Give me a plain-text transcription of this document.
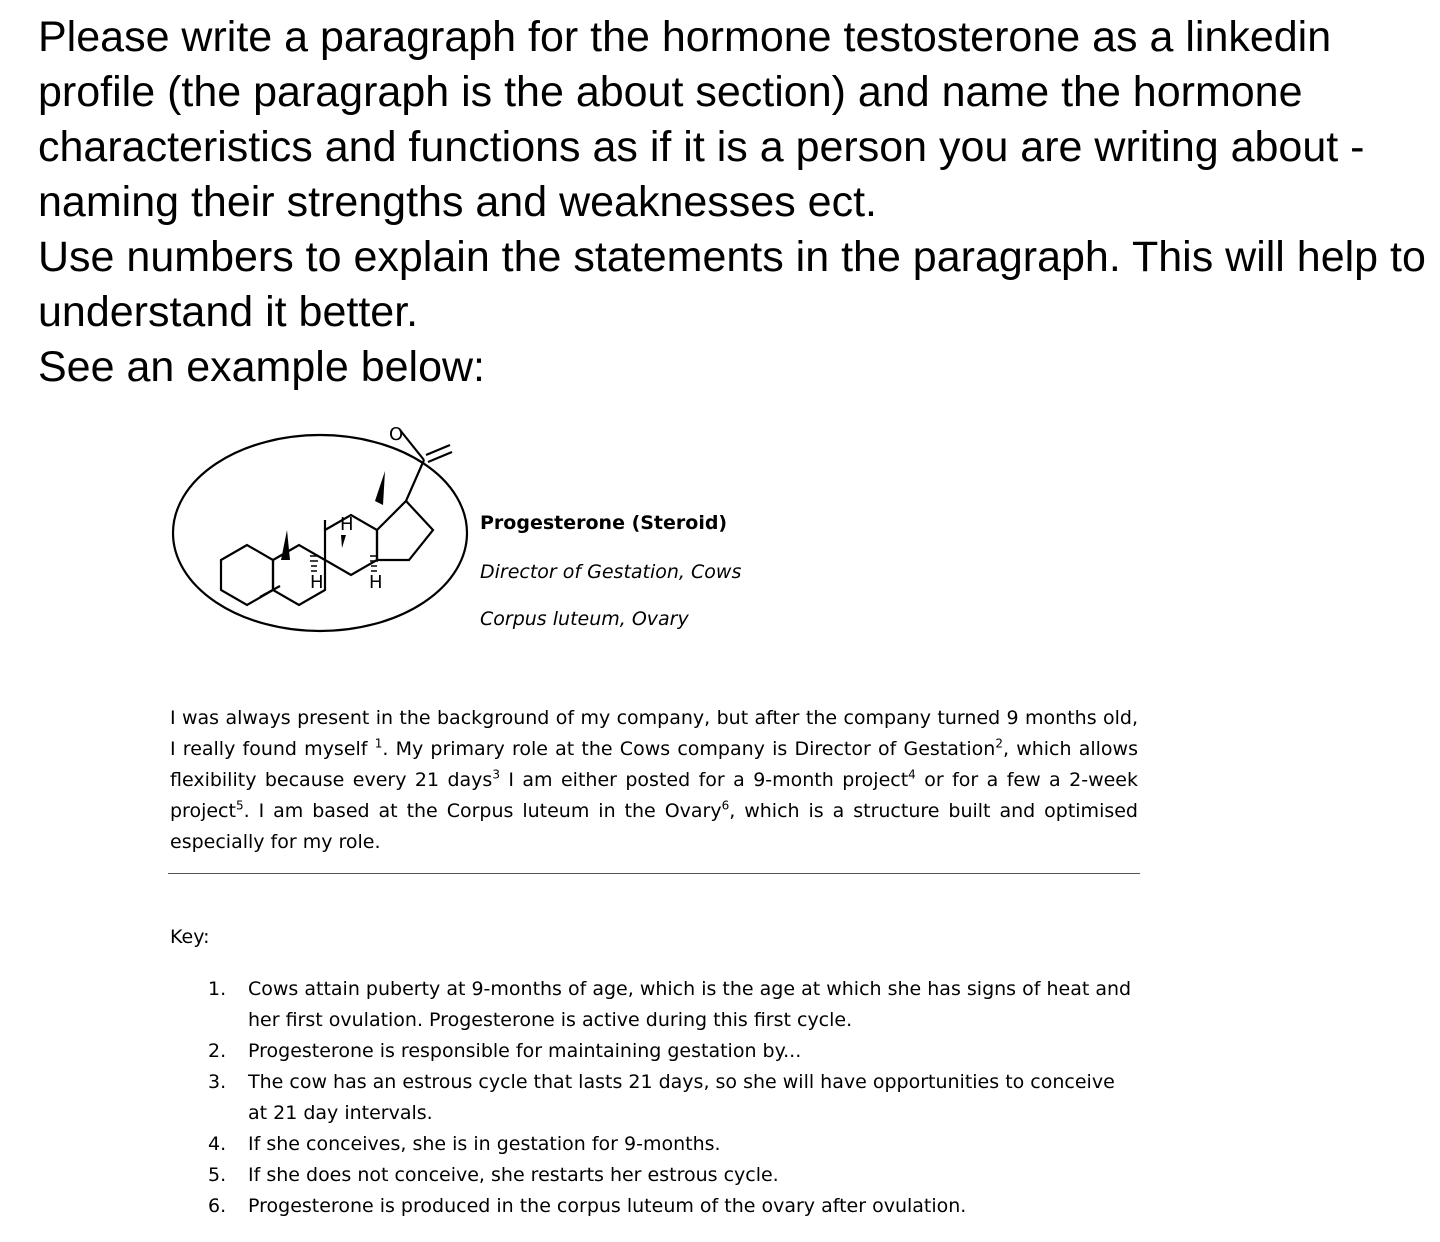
Please write a paragraph for the hormone testosterone as a linkedin profile (the paragraph is the about section) and name the hormone characteristics and functions as if it is a person you are writing about - naming their strengths and weaknesses ect.

Use numbers to explain the statements in the paragraph. This will help to understand it better.

See an example below:

H
H	H
O
Progesterone (Steroid)
Director of Gestation, Cows
Corpus luteum, Ovary

I was always present in the background of my company, but after the company turned 9 months old, I really found myself $^1$. My primary role at the Cows company is Director of Gestation$^2$, which allows flexibility because every 21 days$^3$ I am either posted for a 9-month project$^4$ or for a few a 2-week project$^5$. I am based at the Corpus luteum in the Ovary$^6$, which is a structure built and optimised especially for my role.

Key:
1. Cows attain puberty at 9-months of age, which is the age at which she has signs of heat and her first ovulation. Progesterone is active during this first cycle.
2. Progesterone is responsible for maintaining gestation by...
3. The cow has an estrous cycle that lasts 21 days, so she will have opportunities to conceive at 21 day intervals.
4. If she conceives, she is in gestation for 9-months.
5. If she does not conceive, she restarts her estrous cycle.
6. Progesterone is produced in the corpus luteum of the ovary after ovulation.
